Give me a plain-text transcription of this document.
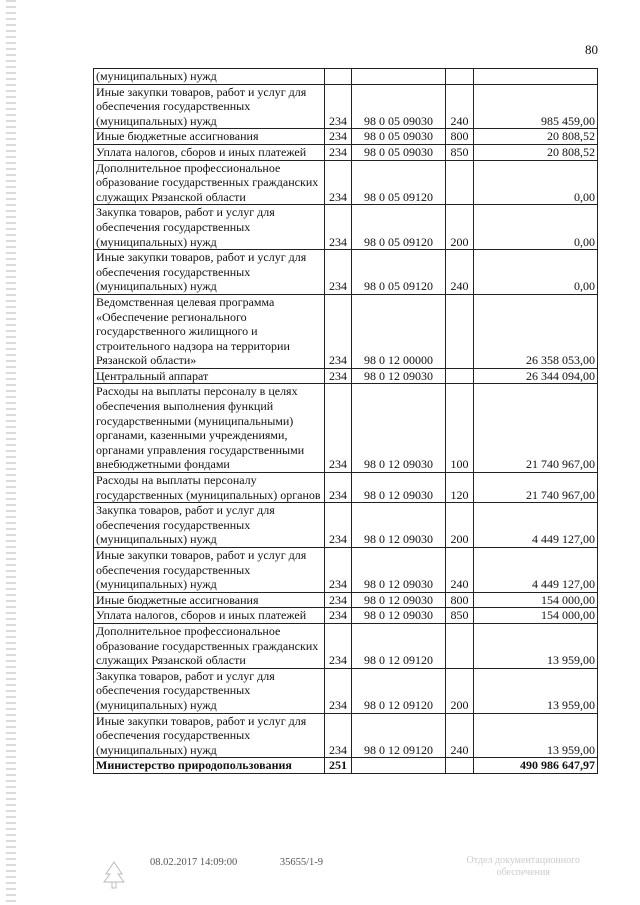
80
(муниципальных) нужд				
Иные закупки товаров, работ и услуг для обеспечения государственных (муниципальных) нужд	234	98 0 05 09030	240	985 459,00
Иные бюджетные ассигнования	234	98 0 05 09030	800	20 808,52
Уплата налогов, сборов и иных платежей	234	98 0 05 09030	850	20 808,52
Дополнительное профессиональное образование государственных гражданских служащих Рязанской области	234	98 0 05 09120		0,00
Закупка товаров, работ и услуг для обеспечения государственных (муниципальных) нужд	234	98 0 05 09120	200	0,00
Иные закупки товаров, работ и услуг для обеспечения государственных (муниципальных) нужд	234	98 0 05 09120	240	0,00
Ведомственная целевая программа «Обеспечение регионального государственного жилищного и строительного надзора на территории Рязанской области»	234	98 0 12 00000		26 358 053,00
Центральный аппарат	234	98 0 12 09030		26 344 094,00
Расходы на выплаты персоналу в целях обеспечения выполнения функций государственными (муниципальными) органами, казенными учреждениями, органами управления государственными внебюджетными фондами	234	98 0 12 09030	100	21 740 967,00
Расходы на выплаты персоналу государственных (муниципальных) органов	234	98 0 12 09030	120	21 740 967,00
Закупка товаров, работ и услуг для обеспечения государственных (муниципальных) нужд	234	98 0 12 09030	200	4 449 127,00
Иные закупки товаров, работ и услуг для обеспечения государственных (муниципальных) нужд	234	98 0 12 09030	240	4 449 127,00
Иные бюджетные ассигнования	234	98 0 12 09030	800	154 000,00
Уплата налогов, сборов и иных платежей	234	98 0 12 09030	850	154 000,00
Дополнительное профессиональное образование государственных гражданских служащих Рязанской области	234	98 0 12 09120		13 959,00
Закупка товаров, работ и услуг для обеспечения государственных (муниципальных) нужд	234	98 0 12 09120	200	13 959,00
Иные закупки товаров, работ и услуг для обеспечения государственных (муниципальных) нужд	234	98 0 12 09120	240	13 959,00
Министерство природопользования	251			490 986 647,97
08.02.2017 14:09:00	35655/1-9	Отдел документационного
обеспечения
